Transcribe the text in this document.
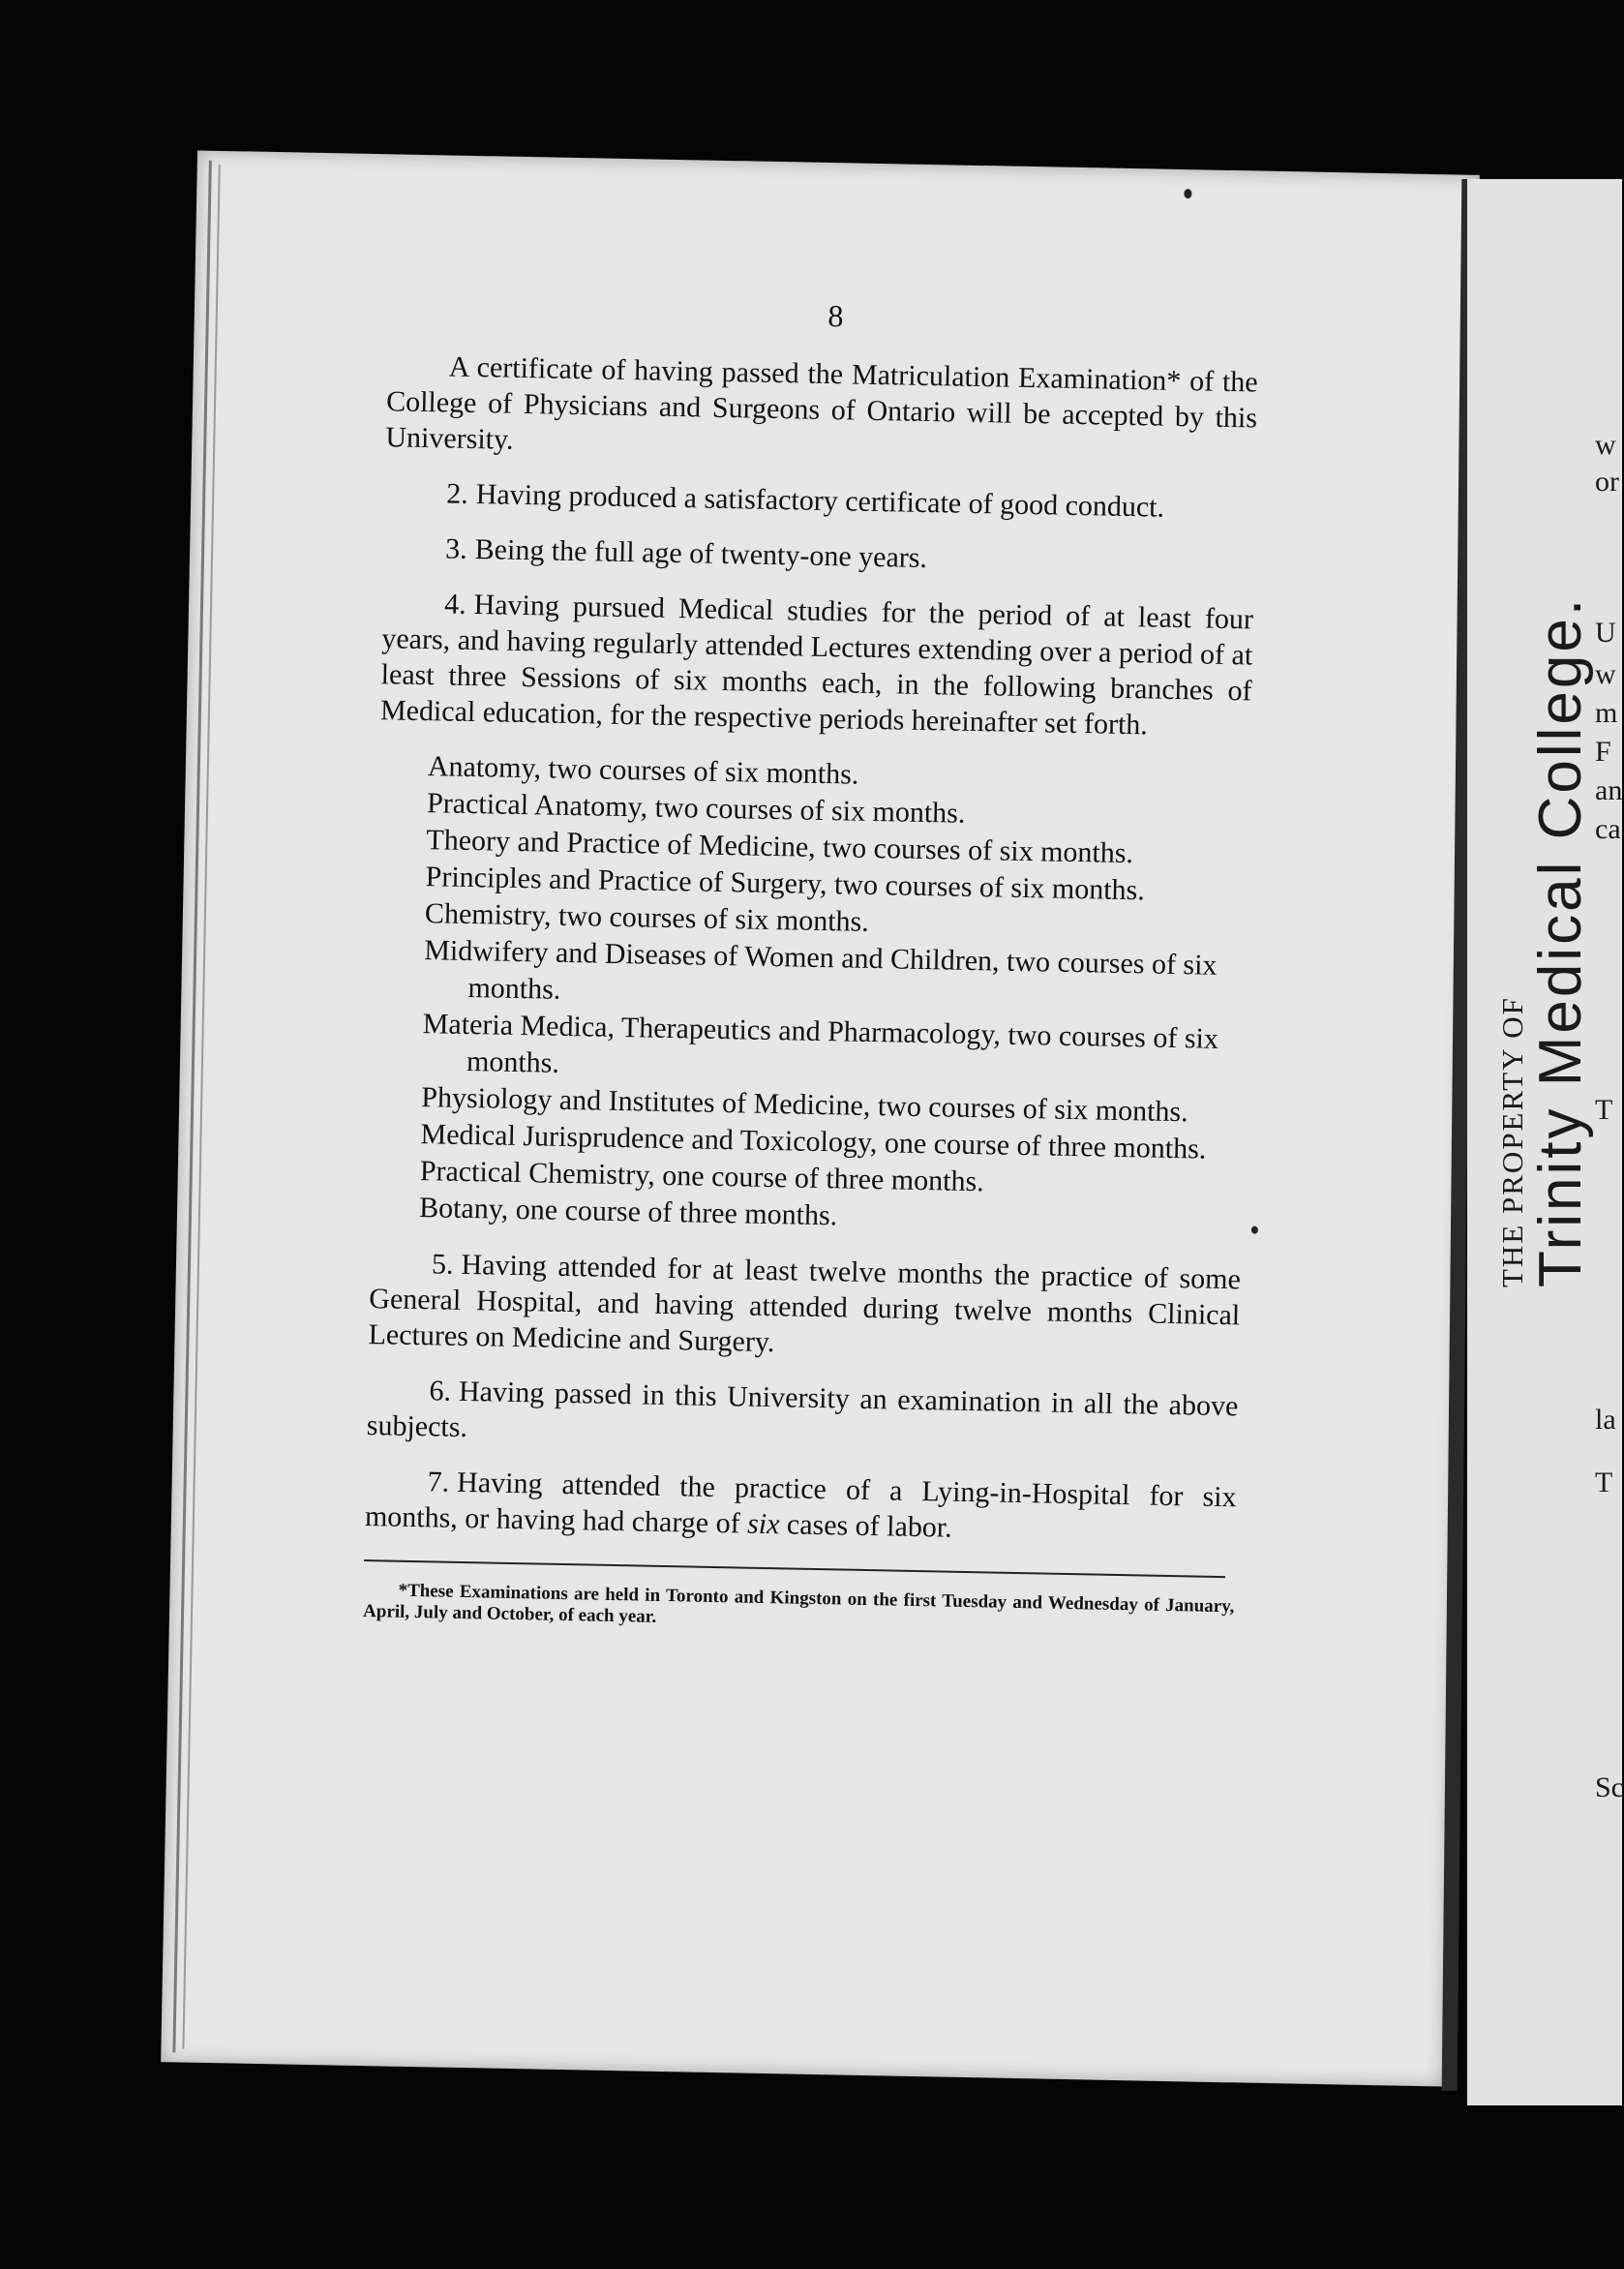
8

A certificate of having passed the Matriculation Examination* of the College of Physicians and Surgeons of Ontario will be accepted by this University.

2. Having produced a satisfactory certificate of good conduct.

3. Being the full age of twenty-one years.

4. Having pursued Medical studies for the period of at least four years, and having regularly attended Lectures extending over a period of at least three Sessions of six months each, in the following branches of Medical education, for the respective periods hereinafter set forth.

Anatomy, two courses of six months.

Practical Anatomy, two courses of six months.

Theory and Practice of Medicine, two courses of six months.

Principles and Practice of Surgery, two courses of six months.

Chemistry, two courses of six months.

Midwifery and Diseases of Women and Children, two courses of six months.

Materia Medica, Therapeutics and Pharmacology, two courses of six months.

Physiology and Institutes of Medicine, two courses of six months.

Medical Jurisprudence and Toxicology, one course of three months.

Practical Chemistry, one course of three months.

Botany, one course of three months.

5. Having attended for at least twelve months the practice of some General Hospital, and having attended during twelve months Clinical Lectures on Medicine and Surgery.

6. Having passed in this University an examination in all the above subjects.

7. Having attended the practice of a Lying-in-Hospital for six months, or having had charge of six cases of labor.

*These Examinations are held in Toronto and Kingston on the first Tuesday and Wednesday of January, April, July and October, of each year.

w
or
U
w
m
F
an
ca
T
la
T
Sc
THE PROPERTY OF
Trinity Medical College.
